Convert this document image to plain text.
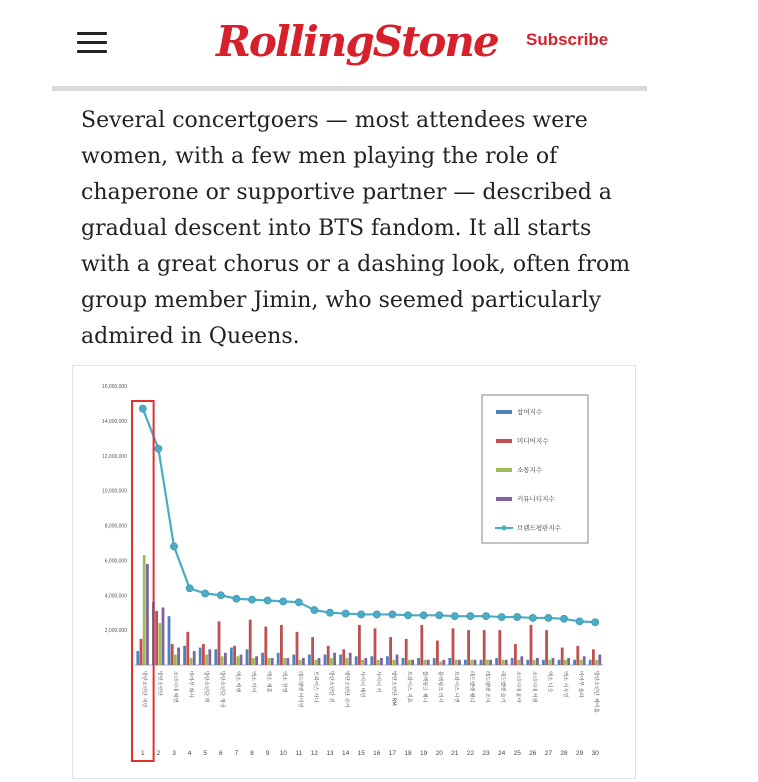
RollingStone Subscribe
Several concertgoers — most attendees were women, with a few men playing the role of chaperone or supportive partner — described a gradual descent into BTS fandom. It all starts with a great chorus or a dashing look, often from group member Jimin, who seemed particularly admired in Queens.
16,000,000
14,000,000
12,000,000
10,000,000
8,000,000
6,000,000
4,000,000
2,000,000
방탄소년단 지민	방탄소년단	소녀시대 태연	마마무 화사	방탄소년단 뷔	방탄소년단 정국	엑소 백현	엑소 카이	엑소 세훈	엑소 찬열	레드벨벳 아이린	트와이스 사나	방탄소년단 진	방탄소년단 슈가	샤이니 태민	샤이니 키	방탄소년단 RM	트와이스 지효	블랙핑크 제니	블랙핑크 리사	트와이스 나연	레드벨벳 웬디	레드벨벳 조이	레드벨벳 슬기	소녀시대 윤아	소녀시대 서현	엑소 디오	엑소 시우민	마마무 솔라	방탄소년단 제이홉
1 2 3 4 5 6 7 8 9 10 11 12 13 14 15 16 17 18 19 20 21 22 23 24 25 26 27 28 29 30
참여지수
미디어지수
소통지수
커뮤니티지수
브랜드평판지수
